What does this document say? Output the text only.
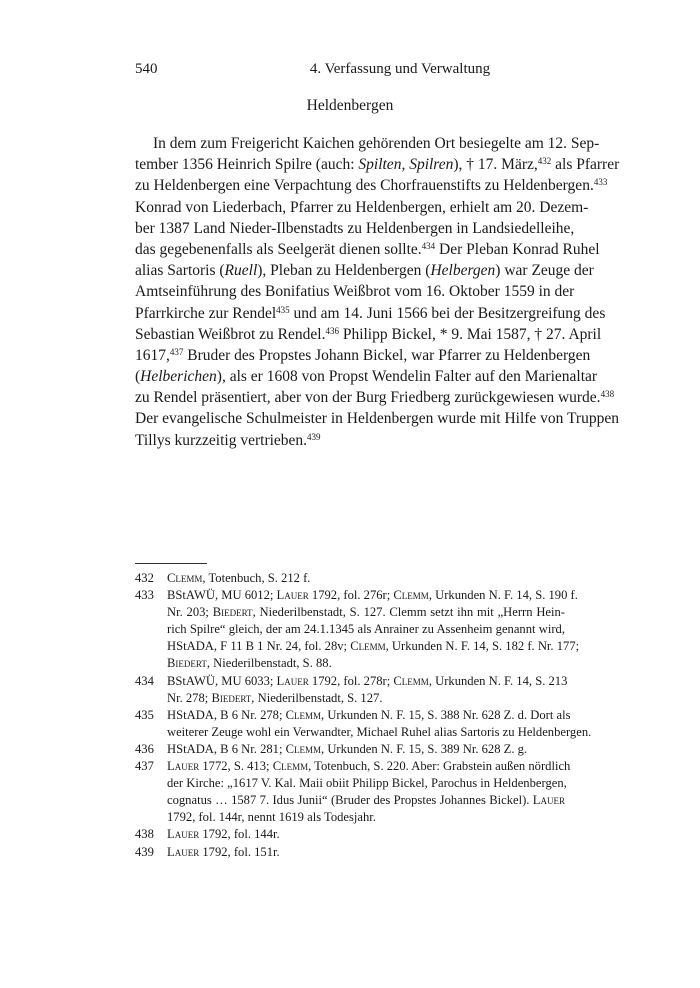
540	4. Verfassung und Verwaltung
Heldenbergen
In dem zum Freigericht Kaichen gehörenden Ort besiegelte am 12. Sep-
tember 1356 Heinrich Spilre (auch: Spilten, Spilren), † 17. März,$^{432}$ als Pfarrer
zu Heldenbergen eine Verpachtung des Chorfrauenstifts zu Heldenbergen.$^{433}$
Konrad von Liederbach, Pfarrer zu Heldenbergen, erhielt am 20. Dezem-
ber 1387 Land Nieder-Ilbenstadts zu Heldenbergen in Landsiedelleihe,
das gegebenenfalls als Seelgerät dienen sollte.$^{434}$ Der Pleban Konrad Ruhel
alias Sartoris (Ruell), Pleban zu Heldenbergen (Helbergen) war Zeuge der
Amtseinführung des Bonifatius Weißbrot vom 16. Oktober 1559 in der
Pfarrkirche zur Rendel$^{435}$ und am 14. Juni 1566 bei der Besitzergreifung des
Sebastian Weißbrot zu Rendel.$^{436}$ Philipp Bickel, * 9. Mai 1587, † 27. April
1617,$^{437}$ Bruder des Propstes Johann Bickel, war Pfarrer zu Heldenbergen
(Helberichen), als er 1608 von Propst Wendelin Falter auf den Marienaltar
zu Rendel präsentiert, aber von der Burg Friedberg zurückgewiesen wurde.$^{438}$
Der evangelische Schulmeister in Heldenbergen wurde mit Hilfe von Truppen
Tillys kurzzeitig vertrieben.$^{439}$
432 Clemm, Totenbuch, S. 212 f.
433 BStAWÜ, MU 6012; Lauer 1792, fol. 276r; Clemm, Urkunden N. F. 14, S. 190 f.
Nr. 203; Biedert, Niederilbenstadt, S. 127. Clemm setzt ihn mit „Herrn Hein-
rich Spilre“ gleich, der am 24.1.1345 als Anrainer zu Assenheim genannt wird,
HStADA, F 11 B 1 Nr. 24, fol. 28v; Clemm, Urkunden N. F. 14, S. 182 f. Nr. 177;
Biedert, Niederilbenstadt, S. 88.
434 BStAWÜ, MU 6033; Lauer 1792, fol. 278r; Clemm, Urkunden N. F. 14, S. 213
Nr. 278; Biedert, Niederilbenstadt, S. 127.
435 HStADA, B 6 Nr. 278; Clemm, Urkunden N. F. 15, S. 388 Nr. 628 Z. d. Dort als
weiterer Zeuge wohl ein Verwandter, Michael Ruhel alias Sartoris zu Heldenbergen.
436 HStADA, B 6 Nr. 281; Clemm, Urkunden N. F. 15, S. 389 Nr. 628 Z. g.
437 Lauer 1772, S. 413; Clemm, Totenbuch, S. 220. Aber: Grabstein außen nördlich
der Kirche: „1617 V. Kal. Maii obiit Philipp Bickel, Parochus in Heldenbergen,
cognatus … 1587 7. Idus Junii“ (Bruder des Propstes Johannes Bickel). Lauer
1792, fol. 144r, nennt 1619 als Todesjahr.
438 Lauer 1792, fol. 144r.
439 Lauer 1792, fol. 151r.
